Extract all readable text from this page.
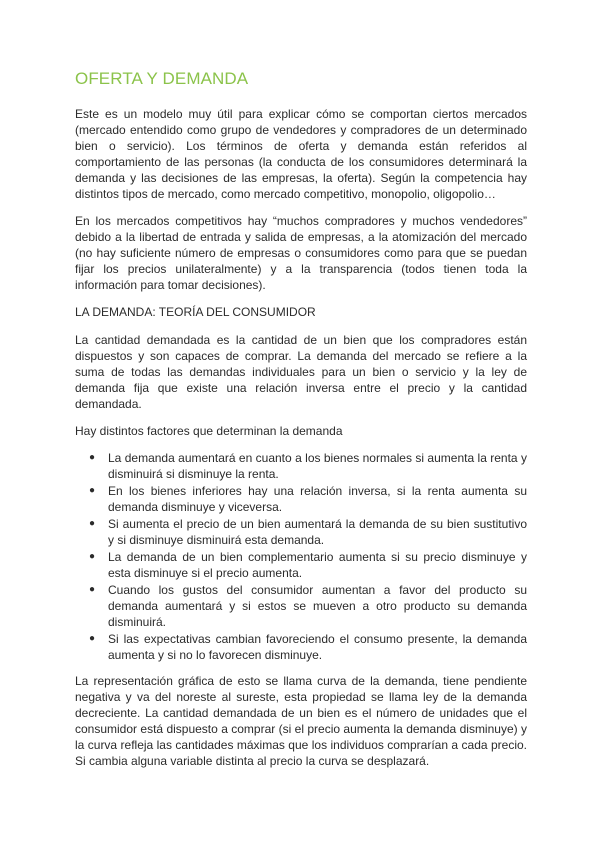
OFERTA Y DEMANDA

Este es un modelo muy útil para explicar cómo se comportan ciertos mercados (mercado entendido como grupo de vendedores y compradores de un determinado bien o servicio). Los términos de oferta y demanda están referidos al comportamiento de las personas (la conducta de los consumidores determinará la demanda y las decisiones de las empresas, la oferta). Según la competencia hay distintos tipos de mercado, como mercado competitivo, monopolio, oligopolio…

En los mercados competitivos hay “muchos compradores y muchos vendedores” debido a la libertad de entrada y salida de empresas, a la atomización del mercado (no hay suficiente número de empresas o consumidores como para que se puedan fijar los precios unilateralmente) y a la transparencia (todos tienen toda la información para tomar decisiones).

LA DEMANDA: TEORÍA DEL CONSUMIDOR

La cantidad demandada es la cantidad de un bien que los compradores están dispuestos y son capaces de comprar. La demanda del mercado se refiere a la suma de todas las demandas individuales para un bien o servicio y la ley de demanda fija que existe una relación inversa entre el precio y la cantidad demandada.

Hay distintos factores que determinan la demanda

● La demanda aumentará en cuanto a los bienes normales si aumenta la renta y disminuirá si disminuye la renta.
● En los bienes inferiores hay una relación inversa, si la renta aumenta su demanda disminuye y viceversa.
● Si aumenta el precio de un bien aumentará la demanda de su bien sustitutivo y si disminuye disminuirá esta demanda.
● La demanda de un bien complementario aumenta si su precio disminuye y esta disminuye si el precio aumenta.
● Cuando los gustos del consumidor aumentan a favor del producto su demanda aumentará y si estos se mueven a otro producto su demanda disminuirá.
● Si las expectativas cambian favoreciendo el consumo presente, la demanda aumenta y si no lo favorecen disminuye.

La representación gráfica de esto se llama curva de la demanda, tiene pendiente negativa y va del noreste al sureste, esta propiedad se llama ley de la demanda decreciente. La cantidad demandada de un bien es el número de unidades que el consumidor está dispuesto a comprar (si el precio aumenta la demanda disminuye) y la curva refleja las cantidades máximas que los individuos comprarían a cada precio. Si cambia alguna variable distinta al precio la curva se desplazará.
